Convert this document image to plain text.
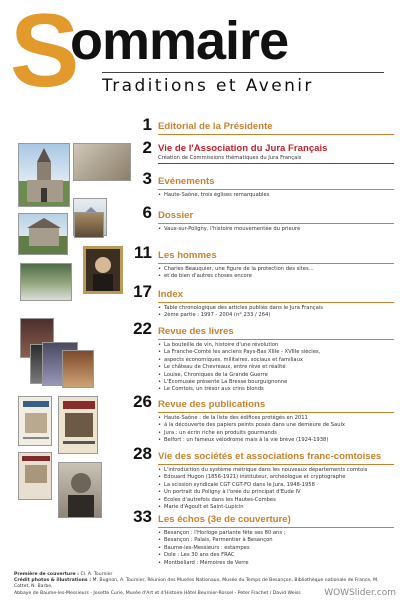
S
ommaire
Traditions et Avenir
1 Editorial de la Présidente
2 Vie de l'Association du Jura Français
Création de Commissions thématiques du Jura Français
3 Evénements
• Haute-Saône, trois églises remarquables
6 Dossier
• Vaux-sur-Poligny, l'histoire mouvementée du prieuré
11 Les hommes
• Charles Beauquier, une figure de la protection des sites…
• et de bien d'autres choses encore
17 Index
• Table chronologique des articles publiés dans le Jura Français
• 2ème partie : 1997 - 2004 (n° 233 / 264)
22 Revue des livres
• La bouteille de vin, histoire d'une révolution
• La Franche-Comté les anciens Pays-Bas XIIIe - XVIIIe siècles,
• aspects économiques, militaires, sociaux et familiaux
• Le château de Chevreaux, entre rêve et réalité
• Louise, Chroniques de la Grande Guerre
• L'Ecomusée présente La Bresse bourguignonne
• Le Comtois, un trésor aux crins blonds
26 Revue des publications
• Haute-Saône : de la liste des édifices protégés en 2011
• à la découverte des papiers peints posés dans une demeure de Saulx
• Jura : un écrin riche en produits gourmands
• Belfort : un fameux vélodrome mais à la vie brève (1924-1938)
28 Vie des sociétés et associations franc-comtoises
• L'introduction du système métrique dans les nouveaux départements comtois
• Edouard Hugon (1856-1921) instituteur, archéologue et cryptographe
• La scission syndicale CGT CGT-FO dans le Jura, 1948-1958
• Un portrait du Poligny à l'orée du principat d'Eude IV
• Ecoles d'autrefois dans les Hautes-Combes
• Marie d'Agoult et Saint-Lupicin
33 Les échos (3e de couverture)
• Besançon : l'Horloge parlante fête ses 80 ans ;
• Besançon : Palais, Parmentier à Besançon
• Baume-les-Messieurs : estampes
• Dole : Les 30 ans des FRAC
• Montbéliard : Mémoires de Verre
Première de couverture : Cl. A. Tournier
Crédit photos & illustrations : M. Bugnon, A. Tournier, Réunion des Musées Nationaux, Musée du Temps de Besançon, Bibliothèque nationale de France, M. Cottet, N. Barbe,
Abbaye de Baume-les-Messieurs - Josette Curie, Musée d'Art et d'Histoire Hôtel Beurnier-Rossel - Peter Frachet / David Weiss	WOWSlider.com
